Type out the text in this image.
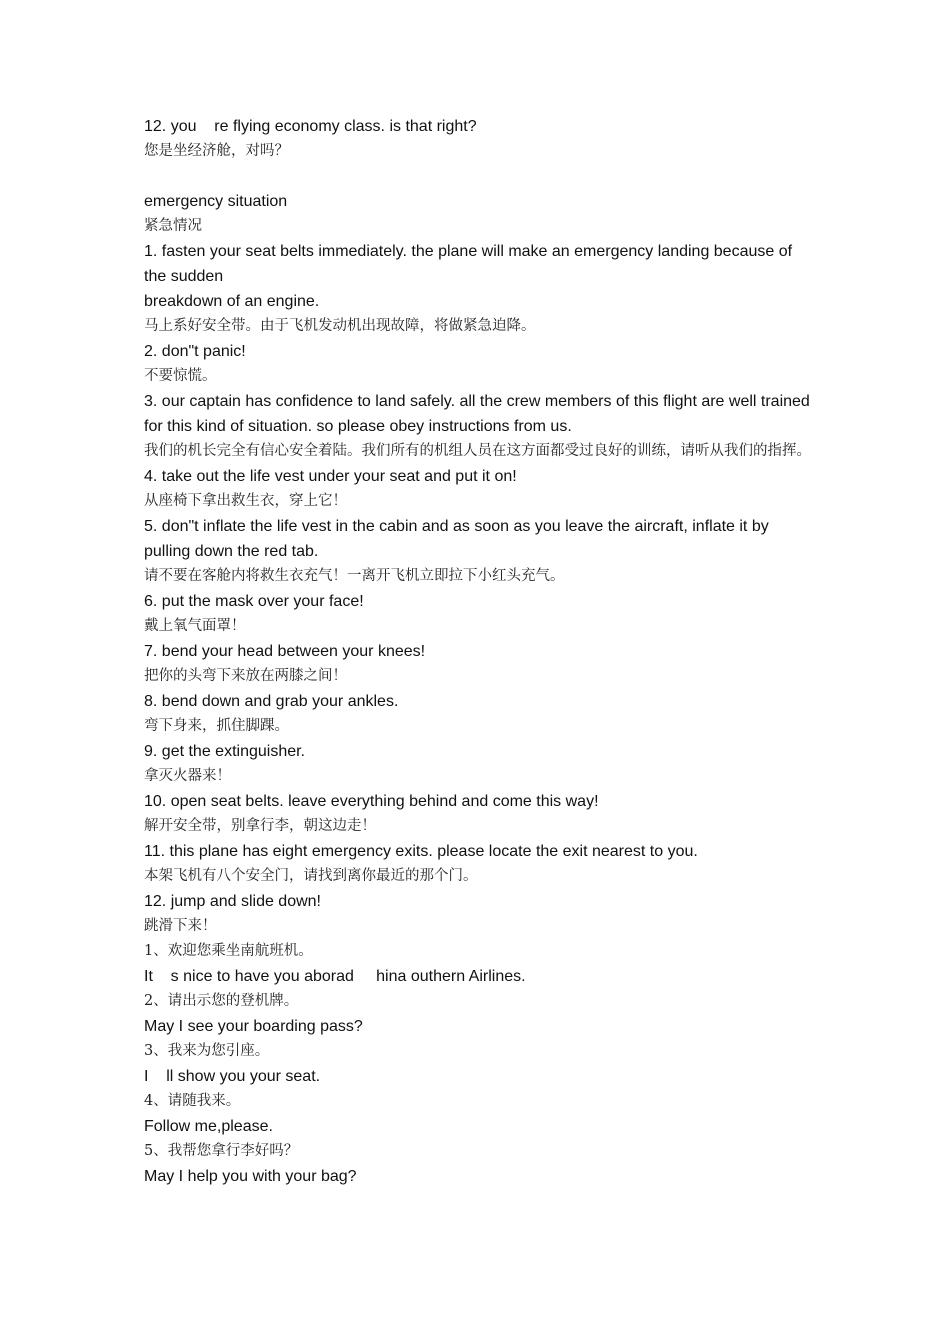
12. you    re flying economy class. is that right?

您是坐经济舱，对吗？

emergency situation

紧急情况

1. fasten your seat belts immediately. the plane will make an emergency landing because of the sudden

breakdown of an engine.

马上系好安全带。由于飞机发动机出现故障，将做紧急迫降。

2. don"t panic!

不要惊慌。

3. our captain has confidence to land safely. all the crew members of this flight are well trained for this kind of situation. so please obey instructions from us.

我们的机长完全有信心安全着陆。我们所有的机组人员在这方面都受过良好的训练，请听从我们的指挥。

4. take out the life vest under your seat and put it on!

从座椅下拿出救生衣，穿上它！

5. don"t inflate the life vest in the cabin and as soon as you leave the aircraft, inflate it by pulling down the red tab.

请不要在客舱内将救生衣充气！一离开飞机立即拉下小红头充气。

6. put the mask over your face!

戴上氧气面罩！

7. bend your head between your knees!

把你的头弯下来放在两膝之间！

8. bend down and grab your ankles.

弯下身来，抓住脚踝。

9. get the extinguisher.

拿灭火器来！

10. open seat belts. leave everything behind and come this way!

解开安全带，别拿行李，朝这边走！

11. this plane has eight emergency exits. please locate the exit nearest to you.

本架飞机有八个安全门，请找到离你最近的那个门。

12. jump and slide down!

跳滑下来！

1、欢迎您乘坐南航班机。

It    s nice to have you aborad     hina outhern Airlines.

2、请出示您的登机牌。

May I see your boarding pass?

3、我来为您引座。

I    ll show you your seat.

4、请随我来。

Follow me,please.

5、我帮您拿行李好吗？

May I help you with your bag?
